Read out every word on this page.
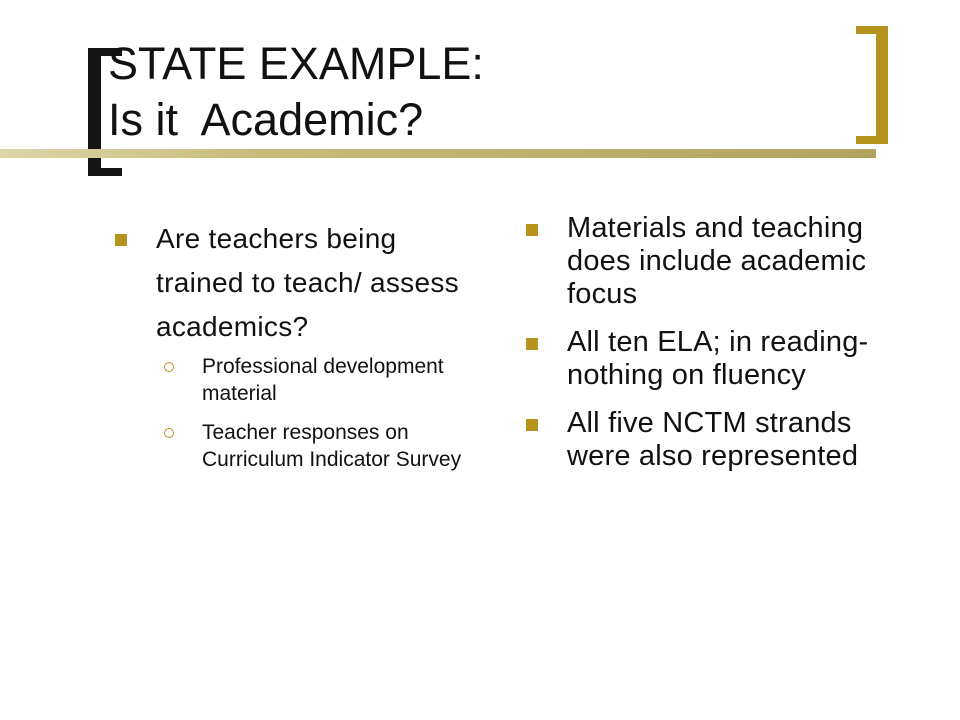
STATE EXAMPLE:
Is it  Academic?
Are teachers being trained to teach/ assess academics?
Professional development material
Teacher responses on Curriculum Indicator Survey
Materials and teaching does include academic focus
All ten ELA; in reading-nothing on fluency
All five NCTM strands were also represented
